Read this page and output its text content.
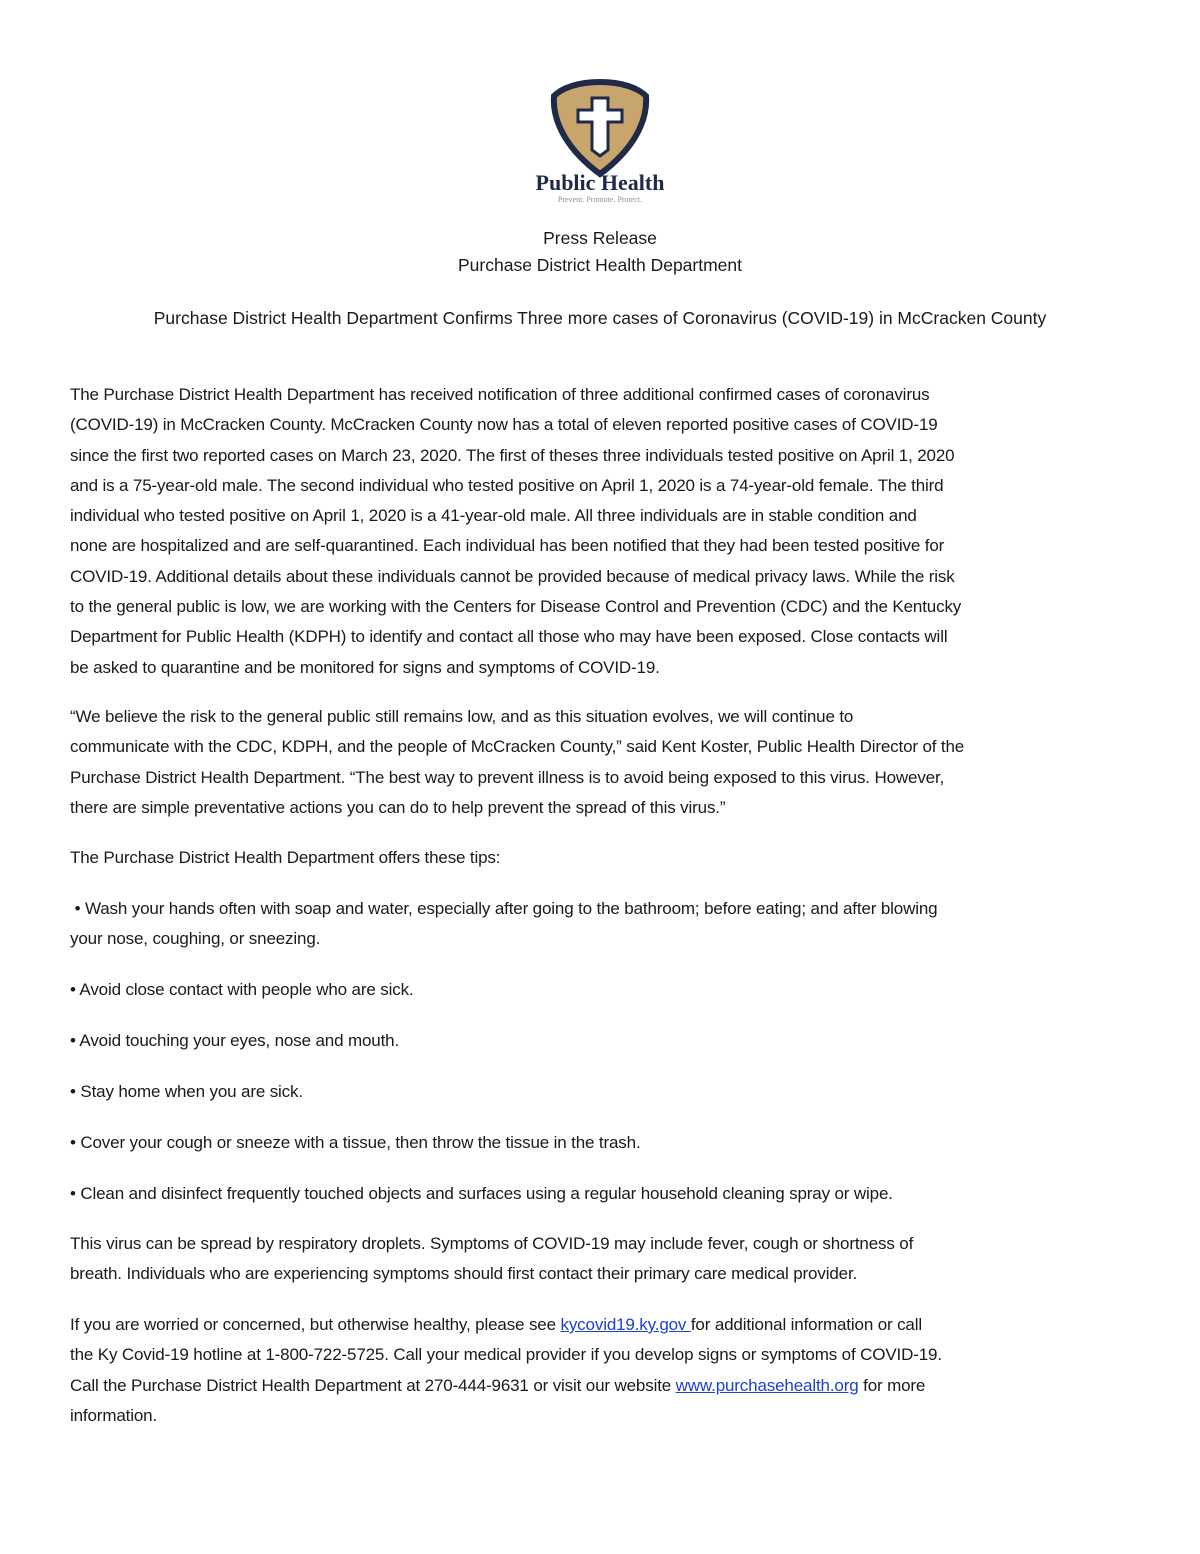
Public Health
Prevent. Promote. Protect.
Press Release
Purchase District Health Department
Purchase District Health Department Confirms Three more cases of Coronavirus (COVID-19) in McCracken County
The Purchase District Health Department has received notification of three additional confirmed cases of coronavirus
(COVID-19) in McCracken County. McCracken County now has a total of eleven reported positive cases of COVID-19
since the first two reported cases on March 23, 2020. The first of theses three individuals tested positive on April 1, 2020
and is a 75-year-old male. The second individual who tested positive on April 1, 2020 is a 74-year-old female. The third
individual who tested positive on April 1, 2020 is a 41-year-old male. All three individuals are in stable condition and
none are hospitalized and are self-quarantined. Each individual has been notified that they had been tested positive for
COVID-19. Additional details about these individuals cannot be provided because of medical privacy laws. While the risk
to the general public is low, we are working with the Centers for Disease Control and Prevention (CDC) and the Kentucky
Department for Public Health (KDPH) to identify and contact all those who may have been exposed. Close contacts will
be asked to quarantine and be monitored for signs and symptoms of COVID-19.
“We believe the risk to the general public still remains low, and as this situation evolves, we will continue to
communicate with the CDC, KDPH, and the people of McCracken County,” said Kent Koster, Public Health Director of the
Purchase District Health Department. “The best way to prevent illness is to avoid being exposed to this virus. However,
there are simple preventative actions you can do to help prevent the spread of this virus.”
The Purchase District Health Department offers these tips:
• Wash your hands often with soap and water, especially after going to the bathroom; before eating; and after blowing
your nose, coughing, or sneezing.
• Avoid close contact with people who are sick.
• Avoid touching your eyes, nose and mouth.
• Stay home when you are sick.
• Cover your cough or sneeze with a tissue, then throw the tissue in the trash.
• Clean and disinfect frequently touched objects and surfaces using a regular household cleaning spray or wipe.
This virus can be spread by respiratory droplets. Symptoms of COVID-19 may include fever, cough or shortness of
breath. Individuals who are experiencing symptoms should first contact their primary care medical provider.
If you are worried or concerned, but otherwise healthy, please see kycovid19.ky.gov for additional information or call
the Ky Covid-19 hotline at 1-800-722-5725. Call your medical provider if you develop signs or symptoms of COVID-19.
Call the Purchase District Health Department at 270-444-9631 or visit our website www.purchasehealth.org for more
information.
